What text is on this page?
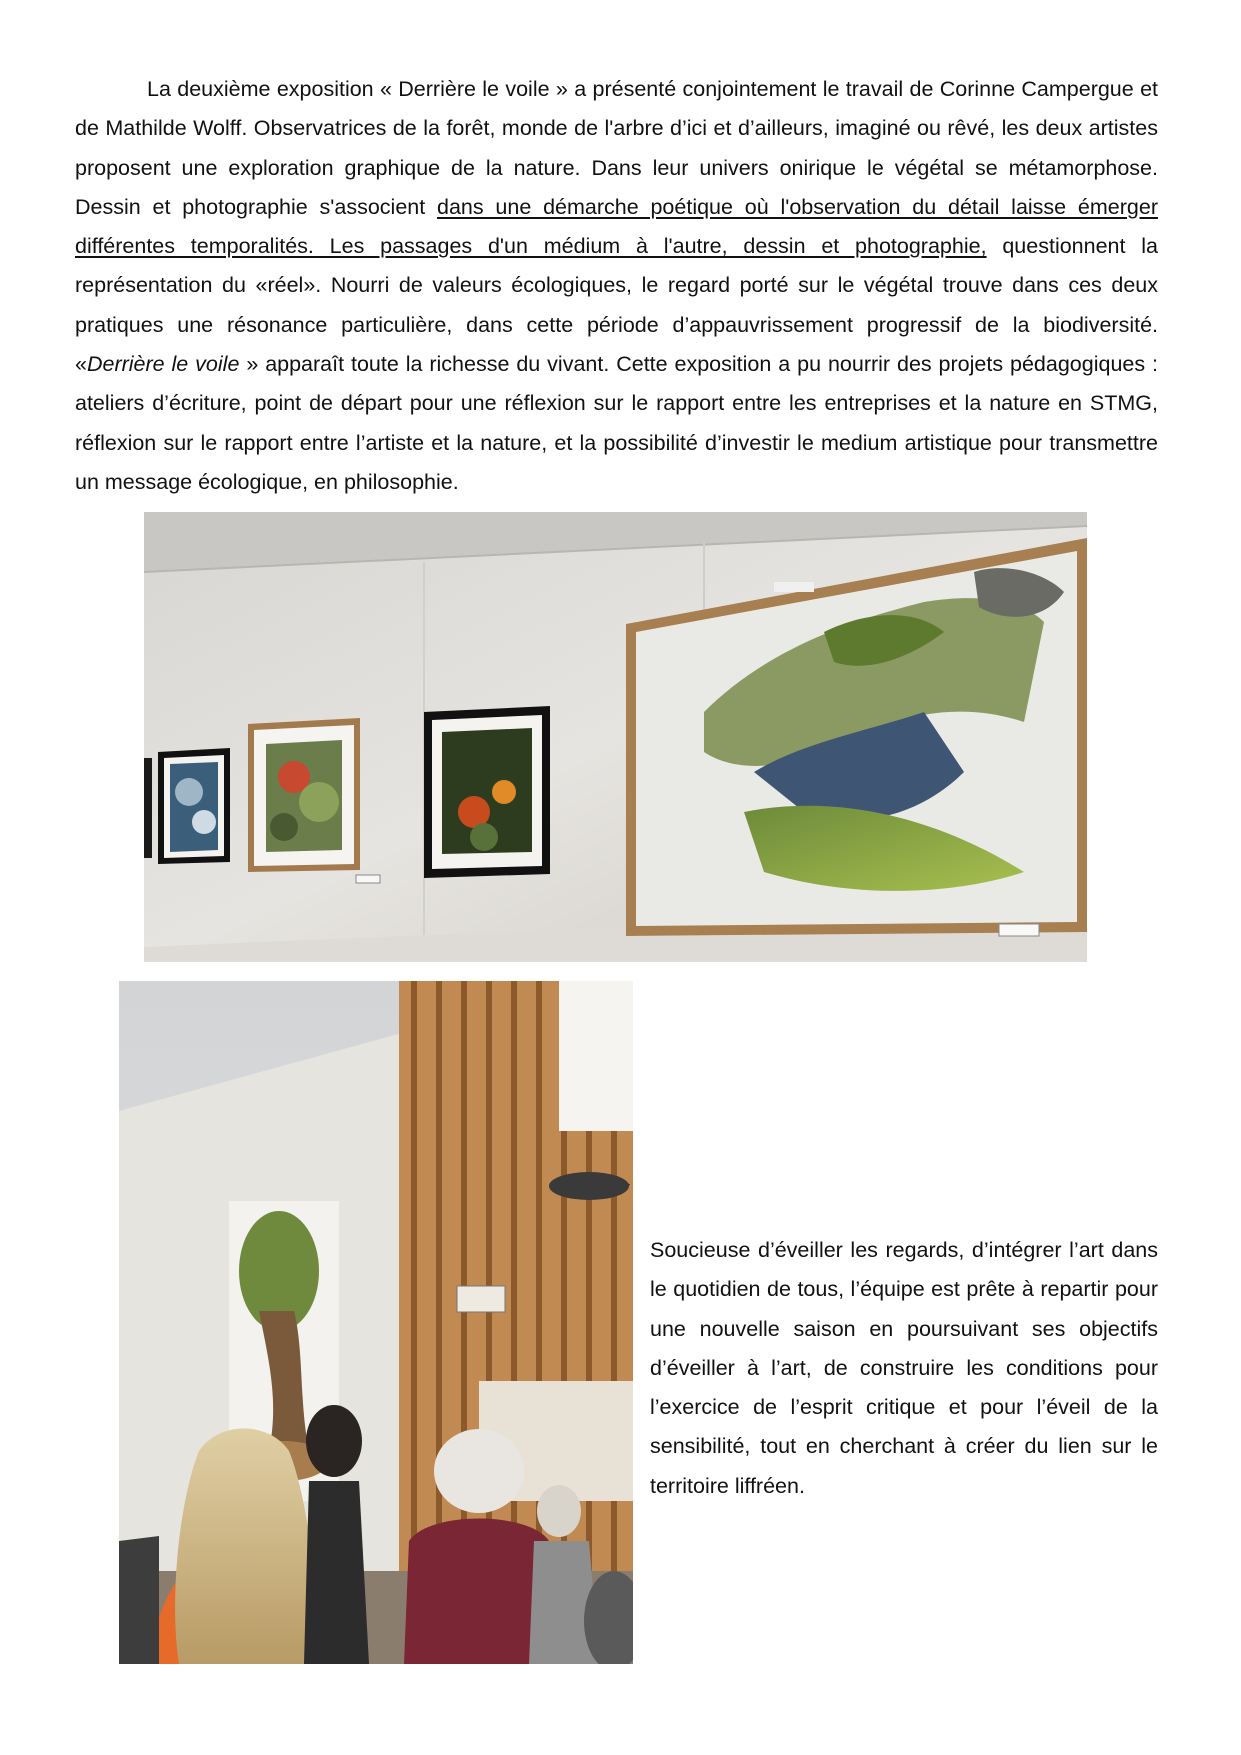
La deuxième exposition « Derrière le voile » a présenté conjointement le travail de Corinne Campergue et de Mathilde Wolff. Observatrices de la forêt, monde de l'arbre d’ici et d’ailleurs, imaginé ou rêvé, les deux artistes proposent une exploration graphique de la nature. Dans leur univers onirique le végétal se métamorphose. Dessin et photographie s'associent dans une démarche poétique où l'observation du détail laisse émerger différentes temporalités. Les passages d'un médium à l'autre, dessin et photographie, questionnent la représentation du «réel». Nourri de valeurs écologiques, le regard porté sur le végétal trouve dans ces deux pratiques une résonance particulière, dans cette période d’appauvrissement progressif de la biodiversité. «Derrière le voile » apparaît toute la richesse du vivant. Cette exposition a pu nourrir des projets pédagogiques : ateliers d’écriture, point de départ pour une réflexion sur le rapport entre les entreprises et la nature en STMG, réflexion sur le rapport entre l’artiste et la nature, et la possibilité d’investir le medium artistique pour transmettre un message écologique, en philosophie.

Soucieuse d’éveiller les regards, d’intégrer l’art dans le quotidien de tous, l’équipe est prête à repartir pour une nouvelle saison en poursuivant ses objectifs d’éveiller à l’art, de construire les conditions pour l’exercice de l’esprit critique et pour l’éveil de la sensibilité, tout en cherchant à créer du lien sur le territoire liffréen.
